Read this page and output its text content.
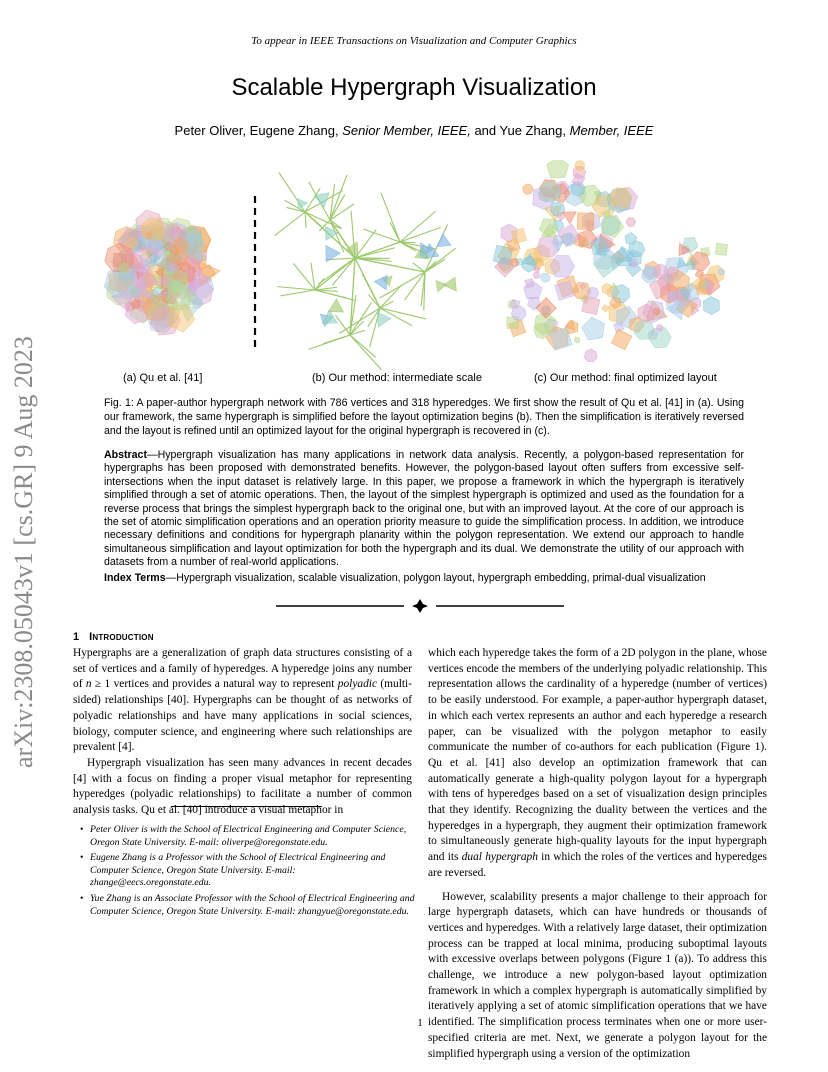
To appear in IEEE Transactions on Visualization and Computer Graphics
Scalable Hypergraph Visualization
Peter Oliver, Eugene Zhang, Senior Member, IEEE, and Yue Zhang, Member, IEEE
arXiv:2308.05043v1 [cs.GR] 9 Aug 2023	(a) Qu et al. [41]	(b) Our method: intermediate scale	(c) Our method: final optimized layout
Fig. 1: A paper-author hypergraph network with 786 vertices and 318 hyperedges. We first show the result of Qu et al. [41] in (a). Using our framework, the same hypergraph is simplified before the layout optimization begins (b). Then the simplification is iteratively reversed and the layout is refined until an optimized layout for the original hypergraph is recovered in (c).
Abstract—Hypergraph visualization has many applications in network data analysis. Recently, a polygon-based representation for hypergraphs has been proposed with demonstrated benefits. However, the polygon-based layout often suffers from excessive self-intersections when the input dataset is relatively large. In this paper, we propose a framework in which the hypergraph is iteratively simplified through a set of atomic operations. Then, the layout of the simplest hypergraph is optimized and used as the foundation for a reverse process that brings the simplest hypergraph back to the original one, but with an improved layout. At the core of our approach is the set of atomic simplification operations and an operation priority measure to guide the simplification process. In addition, we introduce necessary definitions and conditions for hypergraph planarity within the polygon representation. We extend our approach to handle simultaneous simplification and layout optimization for both the hypergraph and its dual. We demonstrate the utility of our approach with datasets from a number of real-world applications.
Index Terms—Hypergraph visualization, scalable visualization, polygon layout, hypergraph embedding, primal-dual visualization
1 Introduction

Hypergraphs are a generalization of graph data structures consisting of a set of vertices and a family of hyperedges. A hyperedge joins any number of n ≥ 1 vertices and provides a natural way to represent polyadic (multi-sided) relationships [40]. Hypergraphs can be thought of as networks of polyadic relationships and have many applications in social sciences, biology, computer science, and engineering where such relationships are prevalent [4].

Hypergraph visualization has seen many advances in recent decades [4] with a focus on finding a proper visual metaphor for representing hyperedges (polyadic relationships) to facilitate a number of common analysis tasks. Qu et al. [40] introduce a visual metaphor in

• Peter Oliver is with the School of Electrical Engineering and Computer Science, Oregon State University. E-mail: oliverpe@oregonstate.edu.
• Eugene Zhang is a Professor with the School of Electrical Engineering and Computer Science, Oregon State University. E-mail: zhange@eecs.oregonstate.edu.
• Yue Zhang is an Associate Professor with the School of Electrical Engineering and Computer Science, Oregon State University. E-mail: zhangyue@oregonstate.edu.

which each hyperedge takes the form of a 2D polygon in the plane, whose vertices encode the members of the underlying polyadic relationship. This representation allows the cardinality of a hyperedge (number of vertices) to be easily understood. For example, a paper-author hypergraph dataset, in which each vertex represents an author and each hyperedge a research paper, can be visualized with the polygon metaphor to easily communicate the number of co-authors for each publication (Figure 1). Qu et al. [41] also develop an optimization framework that can automatically generate a high-quality polygon layout for a hypergraph with tens of hyperedges based on a set of visualization design principles that they identify. Recognizing the duality between the vertices and the hyperedges in a hypergraph, they augment their optimization framework to simultaneously generate high-quality layouts for the input hypergraph and its dual hypergraph in which the roles of the vertices and hyperedges are reversed.

However, scalability presents a major challenge to their approach for large hypergraph datasets, which can have hundreds or thousands of vertices and hyperedges. With a relatively large dataset, their optimization process can be trapped at local minima, producing suboptimal layouts with excessive overlaps between polygons (Figure 1 (a)). To address this challenge, we introduce a new polygon-based layout optimization framework in which a complex hypergraph is automatically simplified by iteratively applying a set of atomic simplification operations that we have identified. The simplification process terminates when one or more user-specified criteria are met. Next, we generate a polygon layout for the simplified hypergraph using a version of the optimization

1
